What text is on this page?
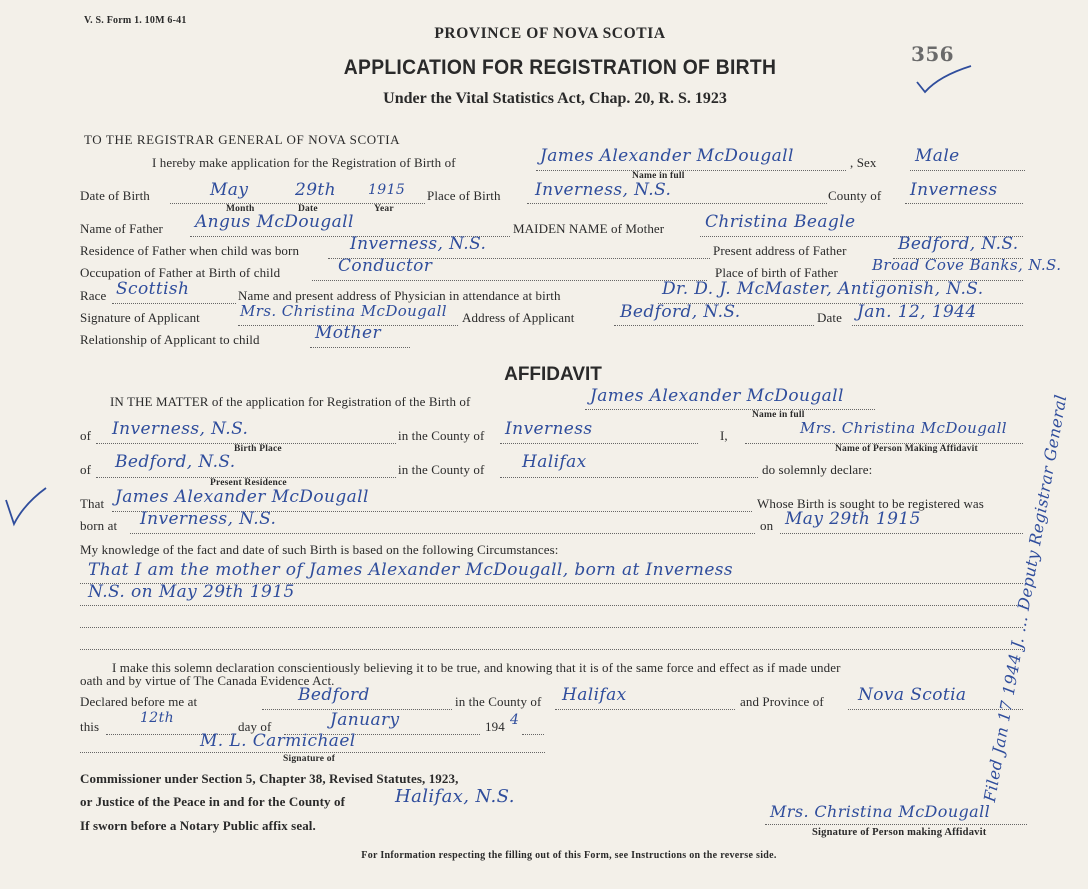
V. S. Form 1. 10M 6-41
356
PROVINCE OF NOVA SCOTIA
APPLICATION FOR REGISTRATION OF BIRTH
Under the Vital Statistics Act, Chap. 20, R. S. 1923
TO THE REGISTRAR GENERAL OF NOVA SCOTIA
I hereby make application for the Registration of Birth of	James Alexander McDougall	, Sex Male
Name in full
Date of Birth	May	29th 1915
Month	Date	Year
Place of Birth Inverness, N.S.	County of Inverness
Name of Father Angus McDougall	MAIDEN NAME of Mother Christina Beagle
Residence of Father when child was born	Inverness, N.S.	Present address of Father	Bedford, N.S.
Occupation of Father at Birth of child	Conductor	Place of birth of Father Broad Cove Banks, N.S.
Race Scottish	Name and present address of Physician in attendance at birth	Dr. D. J. McMaster, Antigonish, N.S.
Signature of Applicant	Mrs. Christina McDougall Address of Applicant	Bedford, N.S.	Date Jan. 12, 1944
Relationship of Applicant to child	Mother
AFFIDAVIT
IN THE MATTER of the application for Registration of the Birth of	James Alexander McDougall
Name in full
of Inverness, N.S.	in the County of Inverness	I,	Mrs. Christina McDougall
Birth Place	Name of Person Making Affidavit
of Bedford, N.S.	in the County of Halifax	do solemnly declare:
Present Residence
That James Alexander McDougall	Whose Birth is sought to be registered was
born at Inverness, N.S.	on May 29th 1915
My knowledge of the fact and date of such Birth is based on the following Circumstances:
That I am the mother of James Alexander McDougall, born at Inverness
N.S. on May 29th 1915
I make this solemn declaration conscientiously believing it to be true, and knowing that it is of the same force and effect as if made under
oath and by virtue of The Canada Evidence Act.
Declared before me at	Bedford	in the County of Halifax	and Province of Nova Scotia
this
12th
day of	January	194 4
M. L. Carmichael
Signature of
Commissioner under Section 5, Chapter 38, Revised Statutes, 1923,
or Justice of the Peace in and for the County of	Halifax, N.S.
If sworn before a Notary Public affix seal.
Mrs. Christina McDougall
Signature of Person making Affidavit
Filed Jan 17 1944 J. ... Deputy Registrar General
For Information respecting the filling out of this Form, see Instructions on the reverse side.
